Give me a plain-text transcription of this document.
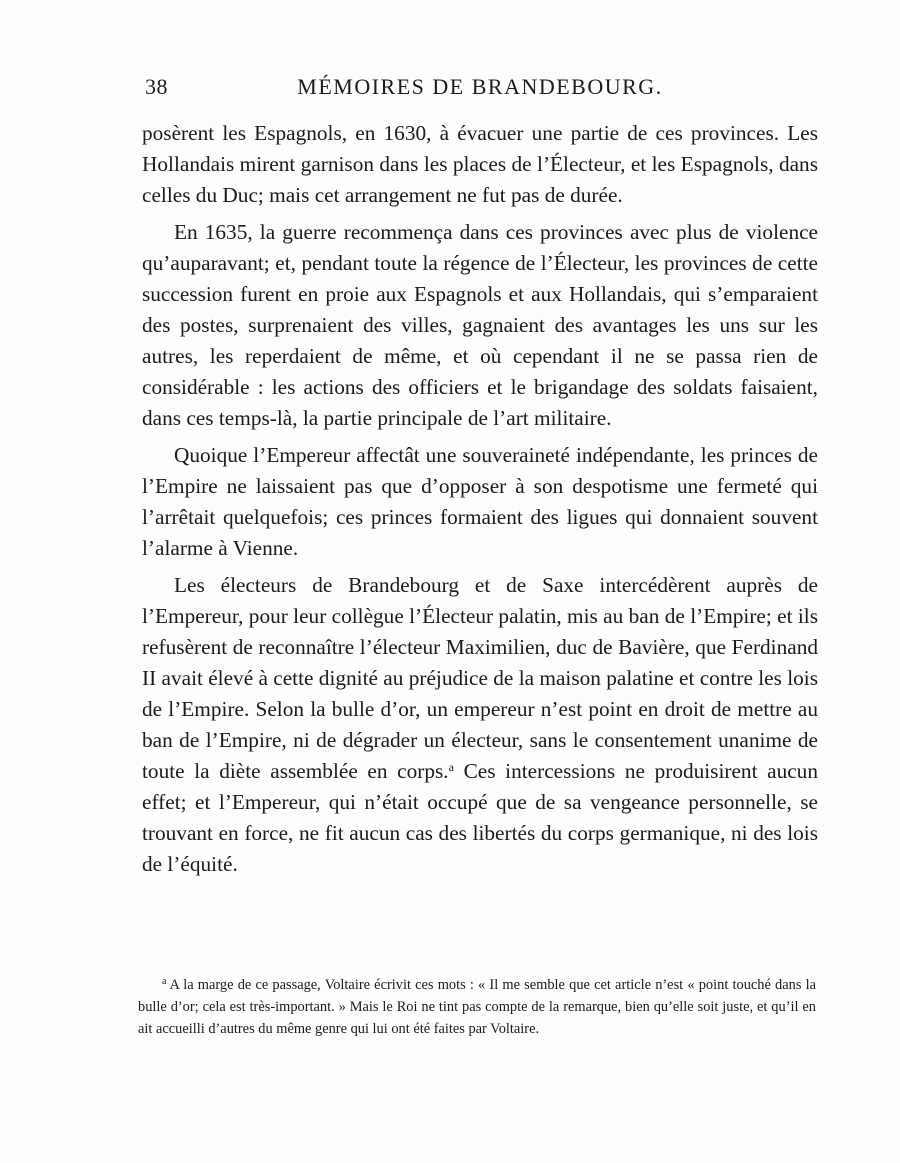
38	MÉMOIRES DE BRANDEBOURG.

posèrent les Espagnols, en 1630, à évacuer une partie de ces provinces. Les Hollandais mirent garnison dans les places de l’Électeur, et les Espagnols, dans celles du Duc; mais cet arrangement ne fut pas de durée.

En 1635, la guerre recommença dans ces provinces avec plus de violence qu’auparavant; et, pendant toute la régence de l’Électeur, les provinces de cette succession furent en proie aux Espagnols et aux Hollandais, qui s’emparaient des postes, surprenaient des villes, gagnaient des avantages les uns sur les autres, les reperdaient de même, et où cependant il ne se passa rien de considérable : les actions des officiers et le brigandage des soldats faisaient, dans ces temps-là, la partie principale de l’art militaire.

Quoique l’Empereur affectât une souveraineté indépendante, les princes de l’Empire ne laissaient pas que d’opposer à son despotisme une fermeté qui l’arrêtait quelquefois; ces princes formaient des ligues qui donnaient souvent l’alarme à Vienne.

Les électeurs de Brandebourg et de Saxe intercédèrent auprès de l’Empereur, pour leur collègue l’Électeur palatin, mis au ban de l’Empire; et ils refusèrent de reconnaître l’électeur Maximilien, duc de Bavière, que Ferdinand II avait élevé à cette dignité au préjudice de la maison palatine et contre les lois de l’Empire. Selon la bulle d’or, un empereur n’est point en droit de mettre au ban de l’Empire, ni de dégrader un électeur, sans le consentement unanime de toute la diète assemblée en corps.$^a$ Ces intercessions ne produisirent aucun effet; et l’Empereur, qui n’était occupé que de sa vengeance personnelle, se trouvant en force, ne fit aucun cas des libertés du corps germanique, ni des lois de l’équité.

$^a$ A la marge de ce passage, Voltaire écrivit ces mots : « Il me semble que cet article n’est « point touché dans la bulle d’or; cela est très-important. » Mais le Roi ne tint pas compte de la remarque, bien qu’elle soit juste, et qu’il en ait accueilli d’autres du même genre qui lui ont été faites par Voltaire.
